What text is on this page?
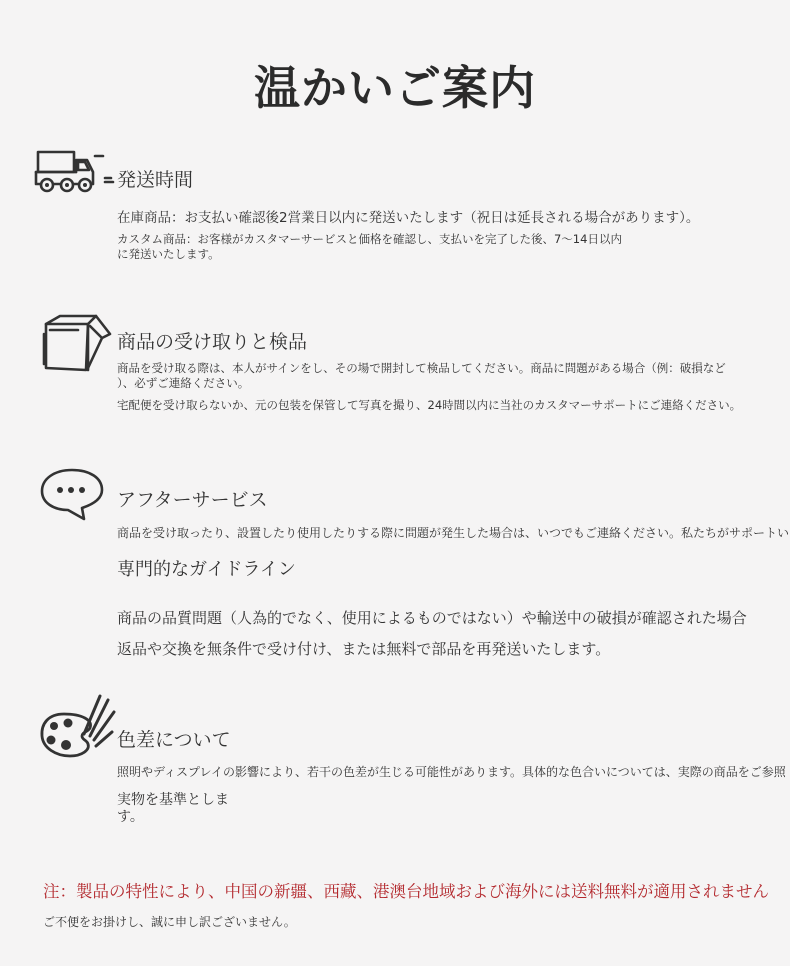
温かいご案内
発送時間
在庫商品：お支払い確認後2営業日以内に発送いたします（祝日は延長される場合があります）。
カスタム商品：お客様がカスタマーサービスと価格を確認し、支払いを完了した後、7〜14日以内
に発送いたします。
商品の受け取りと検品
商品を受け取る際は、本人がサインをし、その場で開封して検品してください。商品に問題がある場合（例：破損など
）、必ずご連絡ください。
宅配便を受け取らないか、元の包装を保管して写真を撮り、24時間以内に当社のカスタマーサポートにご連絡ください。
アフターサービス
商品を受け取ったり、設置したり使用したりする際に問題が発生した場合は、いつでもご連絡ください。私たちがサポートい
専門的なガイドライン
商品の品質問題（人為的でなく、使用によるものではない）や輸送中の破損が確認された場合
返品や交換を無条件で受け付け、または無料で部品を再発送いたします。
色差について
照明やディスプレイの影響により、若干の色差が生じる可能性があります。具体的な色合いについては、実際の商品をご参照
実物を基準としま
す。
注：製品の特性により、中国の新疆、西藏、港澳台地域および海外には送料無料が適用されません
ご不便をお掛けし、誠に申し訳ございません。
